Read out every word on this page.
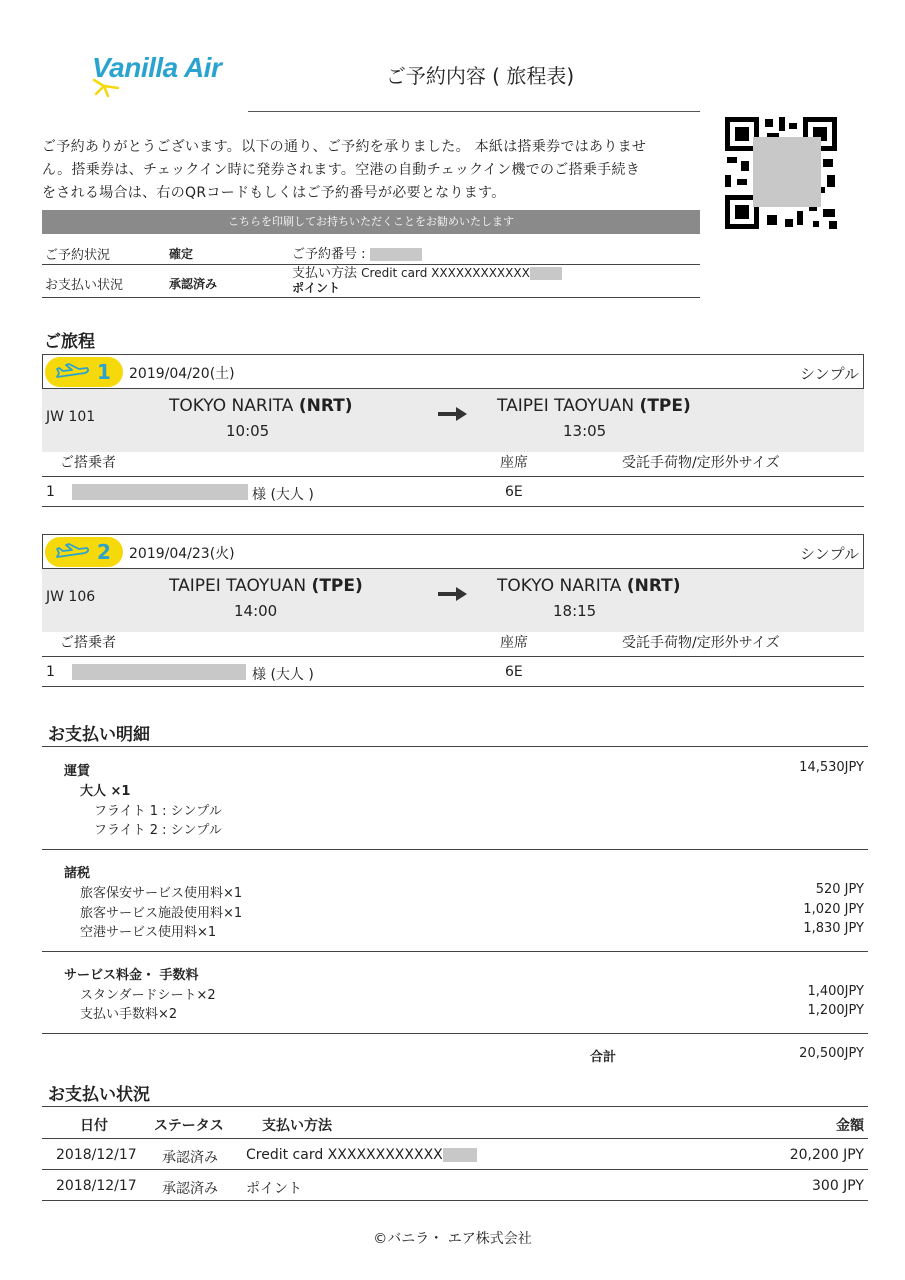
Vanilla Air	ご予約内容 ( 旅程表)
ご予約ありがとうございます。以下の通り、ご予約を承りました。 本紙は搭乗券ではありませ
ん。搭乗券は、チェックイン時に発券されます。空港の自動チェックイン機でのご搭乗手続き
をされる場合は、右のQRコードもしくはご予約番号が必要となります。
こちらを印刷してお持ちいただくことをお勧めいたします
ご予約状況	確定	ご予約番号 :
お支払い状況	承認済み
支払い方法 Credit card XXXXXXXXXXXX
ポイント
ご旅程
1 2019/04/20(土)	シンプル
JW 101
TOKYO NARITA (NRT)
10:05
TAIPEI TAOYUAN (TPE)
13:05
ご搭乗者	座席	受託手荷物/定形外サイズ
1	様 (大人 )	6E
2 2019/04/23(火)	シンプル
JW 106
TAIPEI TAOYUAN (TPE)
14:00
TOKYO NARITA (NRT)
18:15
ご搭乗者	座席	受託手荷物/定形外サイズ
1	様 (大人 )	6E
お支払い明細
運賃	14,530JPY
大人 ×1
フライト 1 : シンプル
フライト 2 : シンプル
諸税
旅客保安サービス使用料×1	520 JPY
旅客サービス施設使用料×1	1,020 JPY
空港サービス使用料×1	1,830 JPY
サービス料金・ 手数料
スタンダードシート×2	1,400JPY
支払い手数料×2	1,200JPY
合計	20,500JPY
お支払い状況
日付	ステータス	支払い方法	金額
2018/12/17 承認済み Credit card XXXXXXXXXXXX	20,200 JPY
2018/12/17 承認済み ポイント	300 JPY
©バニラ・ エア株式会社
